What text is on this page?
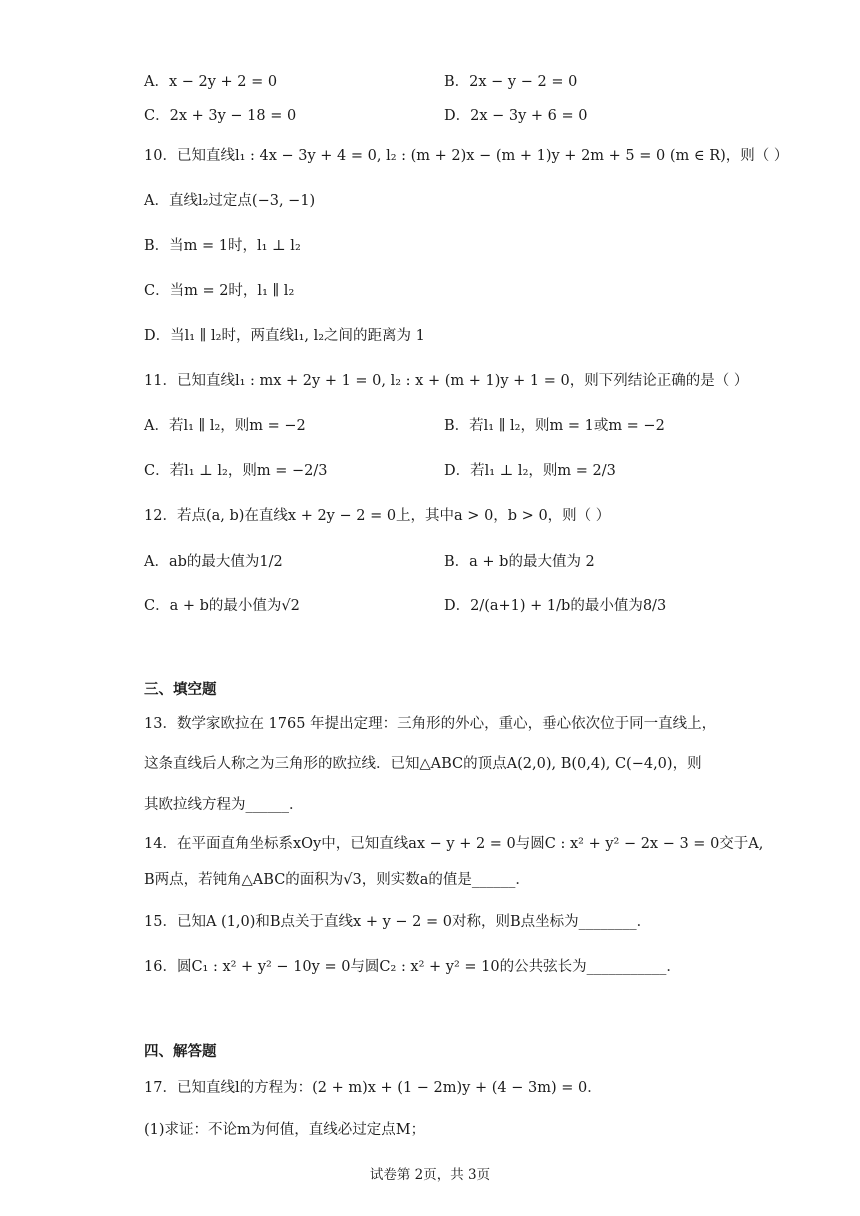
A．x − 2y + 2 = 0	B．2x − y − 2 = 0
C．2x + 3y − 18 = 0	D．2x − 3y + 6 = 0
10．已知直线l₁ : 4x − 3y + 4 = 0, l₂ : (m + 2)x − (m + 1)y + 2m + 5 = 0 (m ∈ R)，则（ ）
A．直线l₂过定点(−3, −1)
B．当m = 1时，l₁ ⊥ l₂
C．当m = 2时，l₁ ∥ l₂
D．当l₁ ∥ l₂时，两直线l₁, l₂之间的距离为 1
11．已知直线l₁ : mx + 2y + 1 = 0, l₂ : x + (m + 1)y + 1 = 0，则下列结论正确的是（ ）
A．若l₁ ∥ l₂，则m = −2	B．若l₁ ∥ l₂，则m = 1或m = −2
C．若l₁ ⊥ l₂，则m = −2/3	D．若l₁ ⊥ l₂，则m = 2/3
12．若点(a, b)在直线x + 2y − 2 = 0上，其中a > 0，b > 0，则（ ）
A．ab的最大值为1/2	B．a + b的最大值为 2
C．a + b的最小值为√2	D．2/(a+1) + 1/b的最小值为8/3
三、填空题
13．数学家欧拉在 1765 年提出定理：三角形的外心，重心，垂心依次位于同一直线上，
这条直线后人称之为三角形的欧拉线．已知△ABC的顶点A(2,0), B(0,4), C(−4,0)，则
其欧拉线方程为______．
14．在平面直角坐标系xOy中，已知直线ax − y + 2 = 0与圆C : x² + y² − 2x − 3 = 0交于A,
B两点，若钝角△ABC的面积为√3，则实数a的值是______．
15．已知A (1,0)和B点关于直线x + y − 2 = 0对称，则B点坐标为________．
16．圆C₁ : x² + y² − 10y = 0与圆C₂ : x² + y² = 10的公共弦长为___________．
四、解答题
17．已知直线l的方程为：(2 + m)x + (1 − 2m)y + (4 − 3m) = 0．
(1)求证：不论m为何值，直线必过定点M；
试卷第 2页，共 3页
